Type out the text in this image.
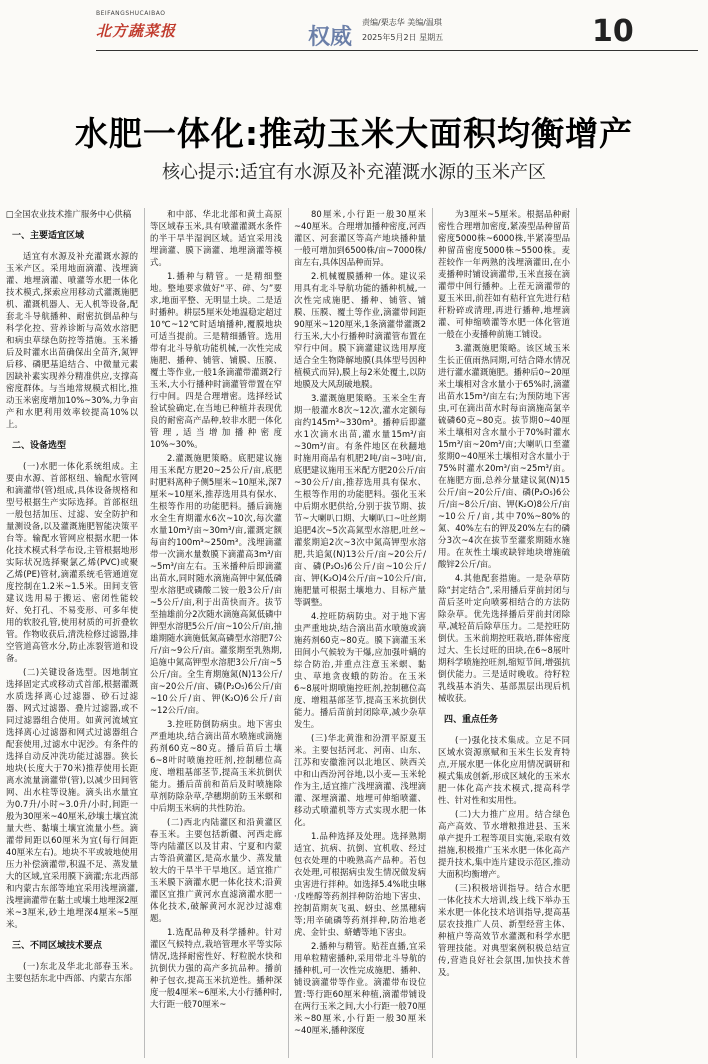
BEIFANGSHUCAIBAO
北方蔬菜报	权威
责编/栗志华 美编/温琪
2025年5月2日 星期五	10
水肥一体化:推动玉米大面积均衡增产
核心提示:适宜有水源及补充灌溉水源的玉米产区

□全国农业技术推广服务中心供稿

一、主要适宜区域

适宜有水源及补充灌溉水源的玉米产区。采用地面滴灌、浅埋滴灌、地埋滴灌、喷灌等水肥一体化技术模式,探索应用移动式灌溉施肥机、灌溉机器人、无人机等设备,配套北斗导航播种、耐密抗倒品种与科学化控、营养诊断与高效水溶肥和病虫草绿色防控等措施。玉米播后及时灌水出苗确保出全苗齐,氮钾后移、磷肥基追结合、中微量元素因缺补素实现养分精准供应,支撑高密度群体。与当地常规模式相比,推动玉米密度增加10%~30%,力争亩产和水肥利用效率较提高10%以上。

二、设备选型

(一)水肥一体化系统组成。主要由水源、首部枢纽、输配水管网和滴灌带(管)组成,具体设备规格和型号根据生产实际选择。首部枢纽一般包括加压、过滤、安全防护和量测设备,以及灌溉施肥智能决策平台等。输配水管网应根据水肥一体化技术模式科学布设,主管根据地形实际状况选择聚氯乙烯(PVC)或聚乙烯(PE)管材,滴灌系统毛管通道宽度控制在1.2米~1.5米。田间支管建议选用易于搬运、密闭性能较好、免打孔、不易变形、可多年使用的软胶孔管,使用材质的可折叠软管。作物收获后,清洗检修过滤器,排空管道高管水分,防止冻裂管道和设备。

(二)关键设备选型。因地制宜选择固定式或移动式首部,根据灌溉水质选择离心过滤器、砂石过滤器、网式过滤器、叠片过滤器,或不同过滤器组合使用。如黄河流域宜选择离心过滤器和网式过滤器组合配套使用,过滤水中泥沙。有条件的选择自动反冲洗功能过滤器。狭长地块(长度大于70米)推荐使用长距离水流量滴灌带(管),以减少田间管网、出水柱等设施。滴头出水量宜为0.7升/小时~3.0升/小时,间距一般为30厘米~40厘米,砂壤土壤宜流量大些、黏壤土壤宜流量小些。滴灌带间距以60厘米为宜(每行间距40厘米左右)。地块不平或坡地使用压力补偿滴灌带,积温不足、蒸发量大的区域,宜采用膜下滴灌;东北西部和内蒙古东部等地宜采用浅埋滴灌,浅埋滴灌带在黏土或壤土地埋深2厘米~3厘米,砂土地埋深4厘米~5厘米。

三、不同区域技术要点

(一)东北及华北北部春玉米。主要包括东北中西部、内蒙古东部

和中部、华北北部和黄土高原等区域春玉米,具有喷灌灌溉水条件的半干旱半湿润区域。适宜采用浅埋滴灌、膜下滴灌、地埋滴灌等模式。

1.播种与精管。一是精细整地。整地要求做好“平、碎、匀”要求,地面平整、无明显土块。二是适时播种。耕层5厘米处地温稳定超过10℃~12℃时适墒播种,覆膜地块可适当提前。三是精细播管。选用带有北斗导航功能机械,一次性完成施肥、播种、铺管、铺膜、压膜、覆土等作业,一般1条滴灌带灌溉2行玉米,大小行播种时滴灌管带置在窄行中间。四是合理增密。选择经试验试验确定,在当地已种植并表现优良的耐密高产品种,较非水肥一体化管理,适当增加播种密度10%~30%。

2.灌溉施肥策略。底肥建议施用玉米配方肥20~25公斤/亩,底肥时肥料离种子侧5厘米~10厘米,深7厘米~10厘米,推荐选用具有保水、生根等作用的功能肥料。播后滴施水全生育期灌水6次~10次,每次灌水量10m³/亩~30m³/亩,灌溉定额每亩约100m³~250m³。浅埋滴灌带一次滴水量数膜下滴灌高3m³/亩~5m³/亩左右。玉米播种后即滴灌出苗水,同时随水滴施高钾中氮低磷型水溶肥或磷酸二铵一般3公斤/亩~5公斤/亩,利于出苗快而齐。拔节至抽雄前分2次随水滴施高氮低磷中钾型水溶肥5公斤/亩~10公斤/亩,抽雄期随水滴施低氮高磷型水溶肥7公斤/亩~9公斤/亩。灌浆期至乳熟期,追施中氮高钾型水溶肥3公斤/亩~5公斤/亩。全生育期施氮(N)13公斤/亩~20公斤/亩、磷(P₂O₅)6公斤/亩~10公斤/亩、钾(K₂O)6公斤/亩~12公斤/亩。

3.控旺防倒防病虫。地下害虫严重地块,结合滴出苗水喷施或滴施药剂60克~80克。播后苗后土壤6~8叶时喷施控旺剂,控制穗位高度、增粗基部茎节,提高玉米抗倒伏能力。播后苗前和苗后及时喷施除草剂防除杂草,孕穗期前防玉米螟和中后期玉米病的共性防治。

(二)西北内陆灌区和沿黄灌区春玉米。主要包括新疆、河西走廊等内陆灌区以及甘肃、宁夏和内蒙古等沿黄灌区,是高水量少、蒸发量较大的干旱半干旱地区。适宜推广玉米膜下滴灌水肥一体化技术;沿黄灌区宜推广黄河水直滤滴灌水肥一体化技术,破解黄河水泥沙过滤难题。

1.选配品种及科学播种。针对灌区气候特点,栽培管理水平等实际情况,选择耐密性好、籽粒脱水快和抗倒伏力强的高产多抗品种。播前种子包衣,提高玉米抗逆性。播种深度一般4厘米~6厘米,大小行播种时,大行距一般70厘米~

80厘米,小行距一般30厘米~40厘米。合理增加播种密度,河西灌区、河套灌区等高产地块播种量一般可增加到6500株/亩~7000株/亩左右,具体因品种而异。

2.机械覆膜播种一体。建议采用具有北斗导航功能的播种机械,一次性完成施肥、播种、铺管、铺膜、压膜、覆土等作业,滴灌带间距90厘米~120厘米,1条滴灌带灌溉2行玉米,大小行播种时滴灌管布置在窄行中间。膜下滴灌建议选用厚度适合全生物降解地膜(具体型号因种植模式而异),膜上每2米处覆土,以防地膜及大风刮破地膜。

3.灌溉施肥策略。玉米全生育期一般灌水8次~12次,灌水定额每亩约145m³~330m³。播种后即灌水1次滴水出苗,灌水量15m³/亩~30m³/亩。有条件地区在秋翻地时施用商品有机肥2吨/亩~3吨/亩,底肥建议施用玉米配方肥20公斤/亩~30公斤/亩,推荐选用具有保水、生根等作用的功能肥料。强化玉米中后期水肥供给,分别于拔节期、拔节~大喇叭口期、大喇叭口~吐丝期追肥4次~5次高氮型水溶肥,吐丝~灌浆期追2次~3次中氮高钾型水溶肥,共追氮(N)13公斤/亩~20公斤/亩、磷(P₂O₅)6公斤/亩~10公斤/亩、钾(K₂O)4公斤/亩~10公斤/亩,施肥量可根据土壤地力、目标产量等调整。

4.控旺防病防虫。对于地下害虫严重地块,结合滴出苗水喷施或滴施药剂60克~80克。膜下滴灌玉米田间小气候较为干爆,应加强叶螨的综合防治,并重点注意玉米螟、黏虫、草地贪夜蛾的防治。在玉米6~8展叶期喷施控旺剂,控制穗位高度、增粗基部茎节,提高玉米抗倒伏能力。播后苗前封闭除草,减少杂草发生。

(三)华北黄淮和汾渭平原夏玉米。主要包括河北、河南、山东、江苏和安徽淮河以北地区、陕西关中和山西汾河谷地,以小麦—玉米轮作为主,适宜推广浅埋滴灌、浅埋滴灌、深埋滴灌、地埋可伸缩喷灌、移动式喷灌机等方式实现水肥一体化。

1.品种选择及处理。选择熟期适宜、抗病、抗倒、宜机收、经过包衣处理的中晚熟高产品种。若包衣处理,可根据病虫发生情况做发病虫害进行拌种。如选择5.4%吡虫啉·戊唑醇等药剂拌种防治地下害虫、控制苗期灰飞虱、蚜虫、丝黑穗病等;用辛硫磷等药剂拌种,防治地老虎、金针虫、蛴螬等地下害虫。

2.播种与精管。贴茬直播,宜采用单粒精密播种,采用带北斗导航的播种机,可一次性完成施肥、播种、铺设滴灌带等作业。滴灌带布设位置:等行距60厘米种植,滴灌带铺设在两行玉米之间,大小行距一般70厘米~80厘米,小行距一般30厘米~40厘米,播种深度

为3厘米~5厘米。根据品种耐密性合理增加密度,紧凑型品种留苗密度5000株~6000株,半紧凑型品种留苗密度5000株~5500株。麦茬较作一年两熟的浅埋滴灌田,在小麦播种时铺设滴灌带,玉米直接在滴灌带中间行播种。上茬无滴灌带的夏玉米田,前茬如有秸秆宜先进行秸秆粉碎或清理,再进行播种,地埋滴灌、可伸缩喷灌等水肥一体化管道一般在小麦播种前施工铺设。

3.灌溉施肥策略。该区域玉米生长正值雨热同期,可结合降水情况进行灌水灌溉施肥。播种后0~20厘米土壤相对含水量小于65%时,滴灌出苗水15m³/亩左右;为预防地下害虫,可在滴出苗水时每亩滴施高氯辛硫磷60克~80克。拔节期0~40厘米土壤相对含水量小于70%时灌水15m³/亩~20m³/亩;大喇叭口至灌浆期0~40厘米土壤相对含水量小于75%时灌水20m³/亩~25m³/亩。在施肥方面,总养分量建议氮(N)15公斤/亩~20公斤/亩、磷(P₂O₅)6公斤/亩~8公斤/亩、钾(K₂O)8公斤/亩~10公斤/亩,其中70%~80%的氮、40%左右的钾及20%左右的磷分3次~4次在拔节至灌浆期随水施用。在灰性土壤或缺锌地块增施硫酸锌2公斤/亩。

4.其他配套措施。一是杂草防除“封定结合”,采用播后芽前封闭与苗后茎叶定向喷雾相结合的方法防除杂草。优先选择播后芽前封闭除草,减轻苗后除草压力。二是控旺防倒伏。玉米前期控旺栽培,群体密度过大、生长过旺的田块,在6~8展叶期科学喷施控旺剂,缩短节间,增强抗倒伏能力。三是适时晚收。待籽粒乳线基本消失、基部黑层出现后机械收获。

四、重点任务

(一)强化技术集成。立足不同区域水资源禀赋和玉米生长发育特点,开展水肥一体化应用情况调研和模式集成创新,形成区域化的玉米水肥一体化高产技术模式,提高科学性、针对性和实用性。

(二)大力推广应用。结合绿色高产高效、节水增粮推进县、玉米单产提升工程等项目实施,采取有效措施,积极推广玉米水肥一体化高产提升技术,集中连片建设示范区,推动大面积均衡增产。

(三)积极培训指导。结合水肥一体化技术大培训,线上线下举办玉米水肥一体化技术培训指导,提高基层农技推广人员、新型经营主体、种植户等高效节水灌溉和科学水肥管理技能。对典型案例积极总结宣传,营造良好社会氛围,加快技术普及。
